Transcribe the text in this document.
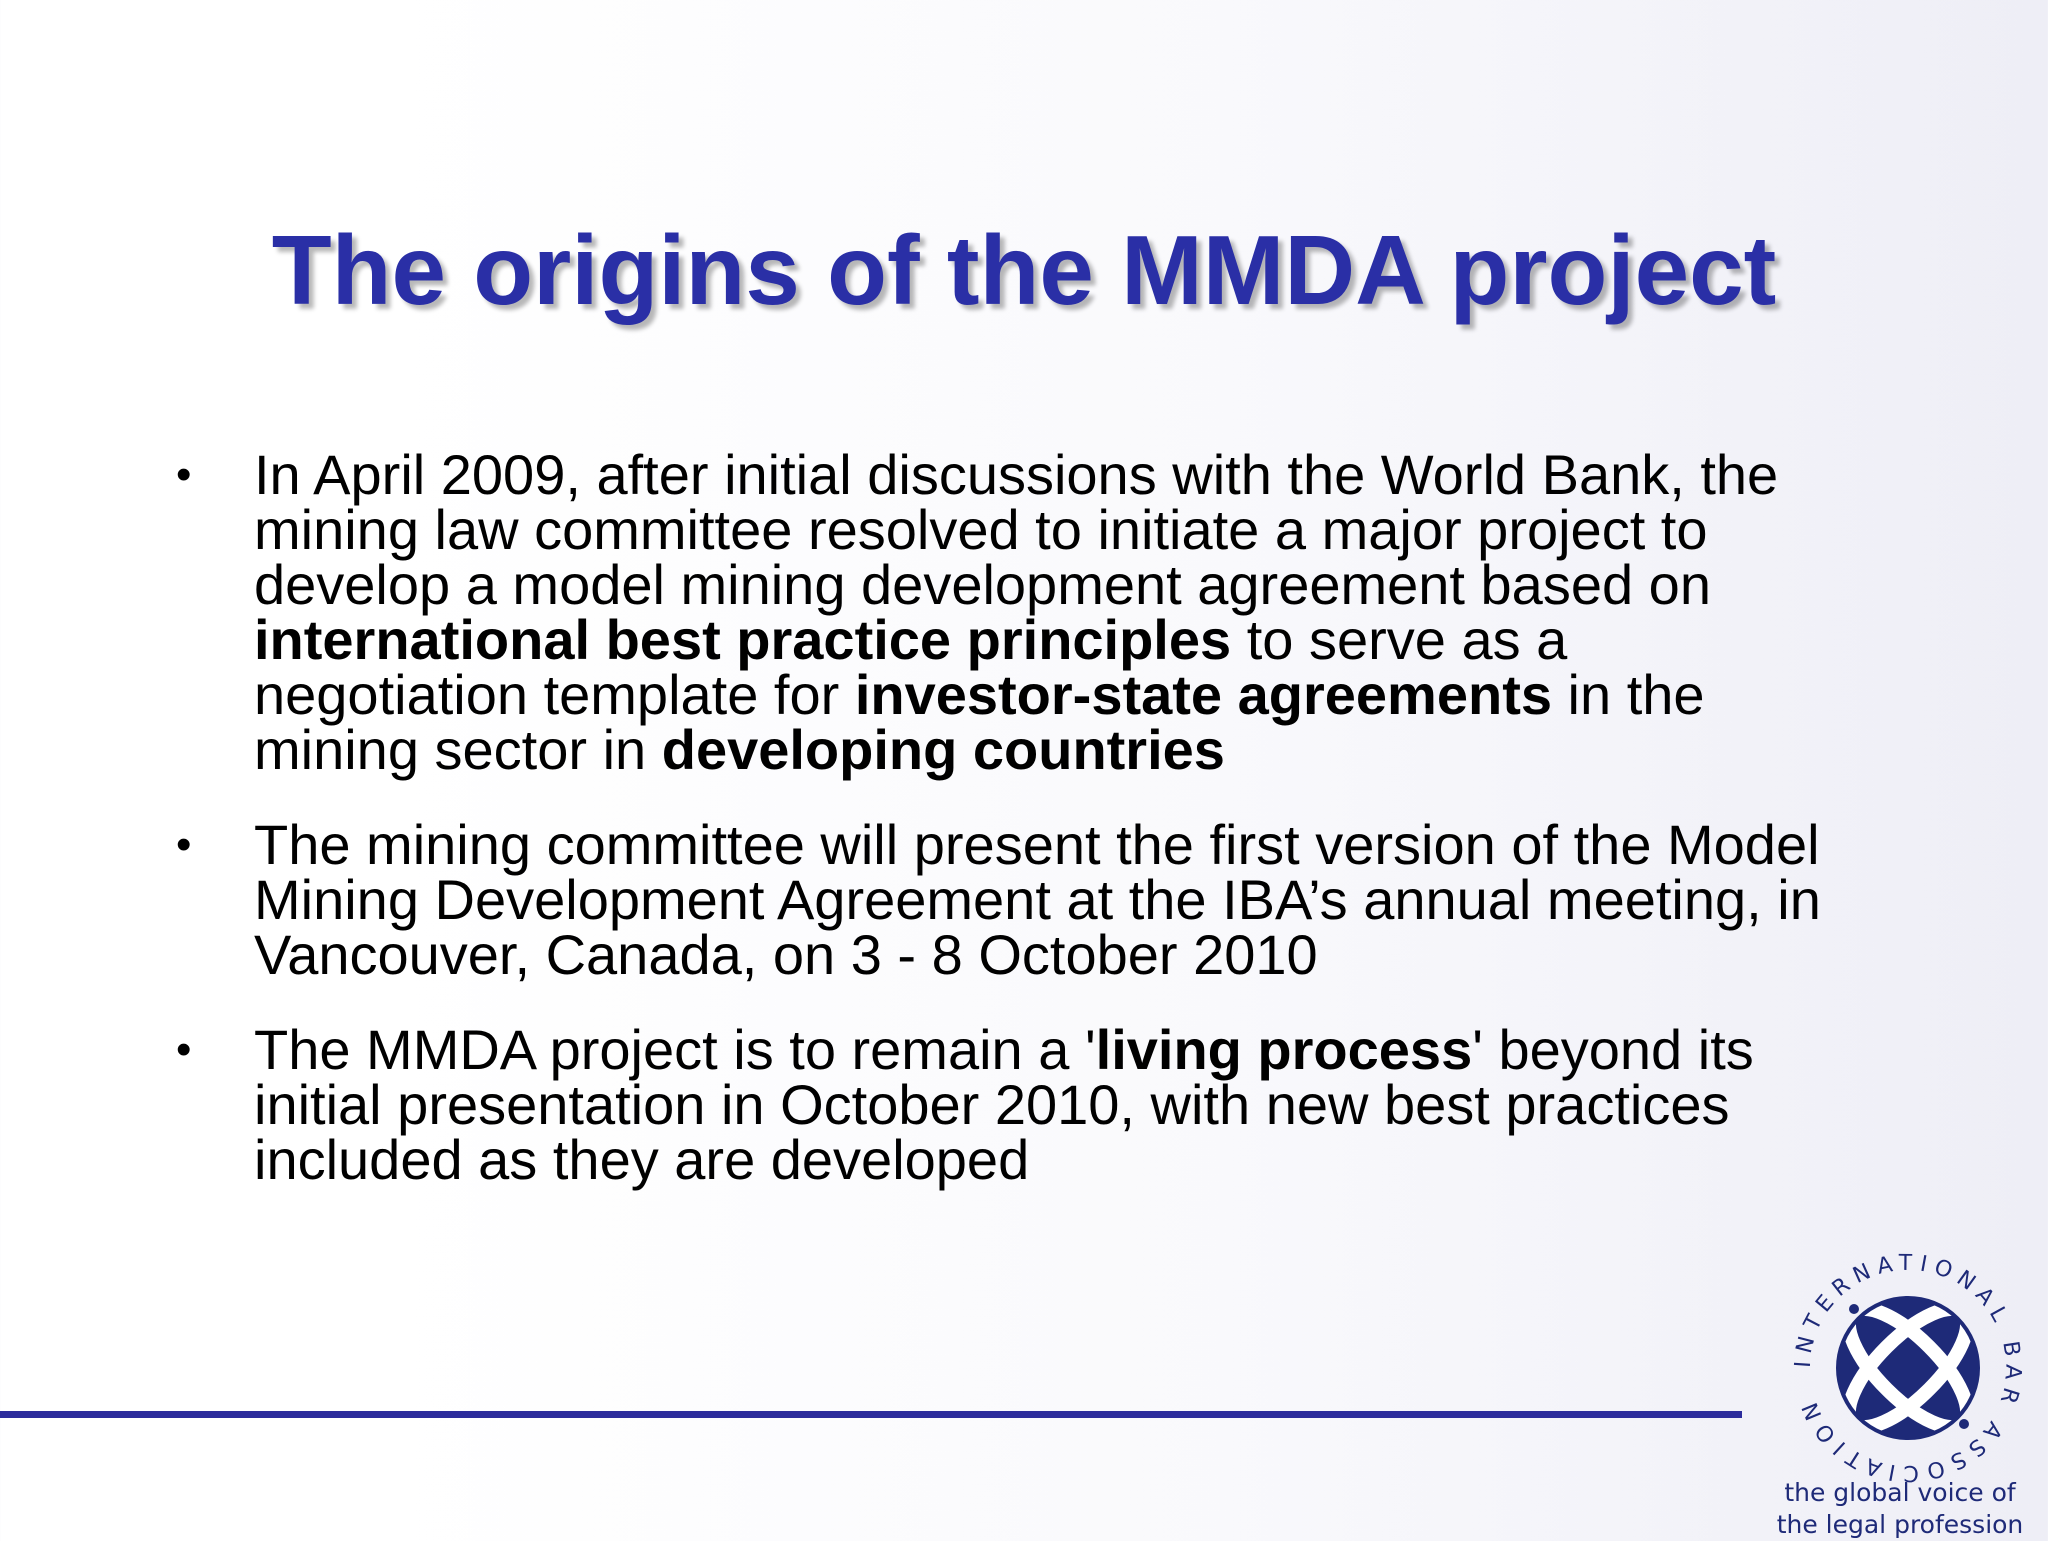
The origins of the MMDA project
• In April 2009, after initial discussions with the World Bank, the
mining law committee resolved to initiate a major project to
develop a model mining development agreement based on
international best practice principles to serve as a
negotiation template for investor-state agreements in the
mining sector in developing countries
• The mining committee will present the first version of the Model
Mining Development Agreement at the IBA’s annual meeting, in
Vancouver, Canada, on 3 - 8 October 2010
• The MMDA project is to remain a 'living process' beyond its
initial presentation in October 2010, with new best practices
included as they are developed
INTERNATIONAL BAR ASSOCIATION
the global voice of
the legal profession
